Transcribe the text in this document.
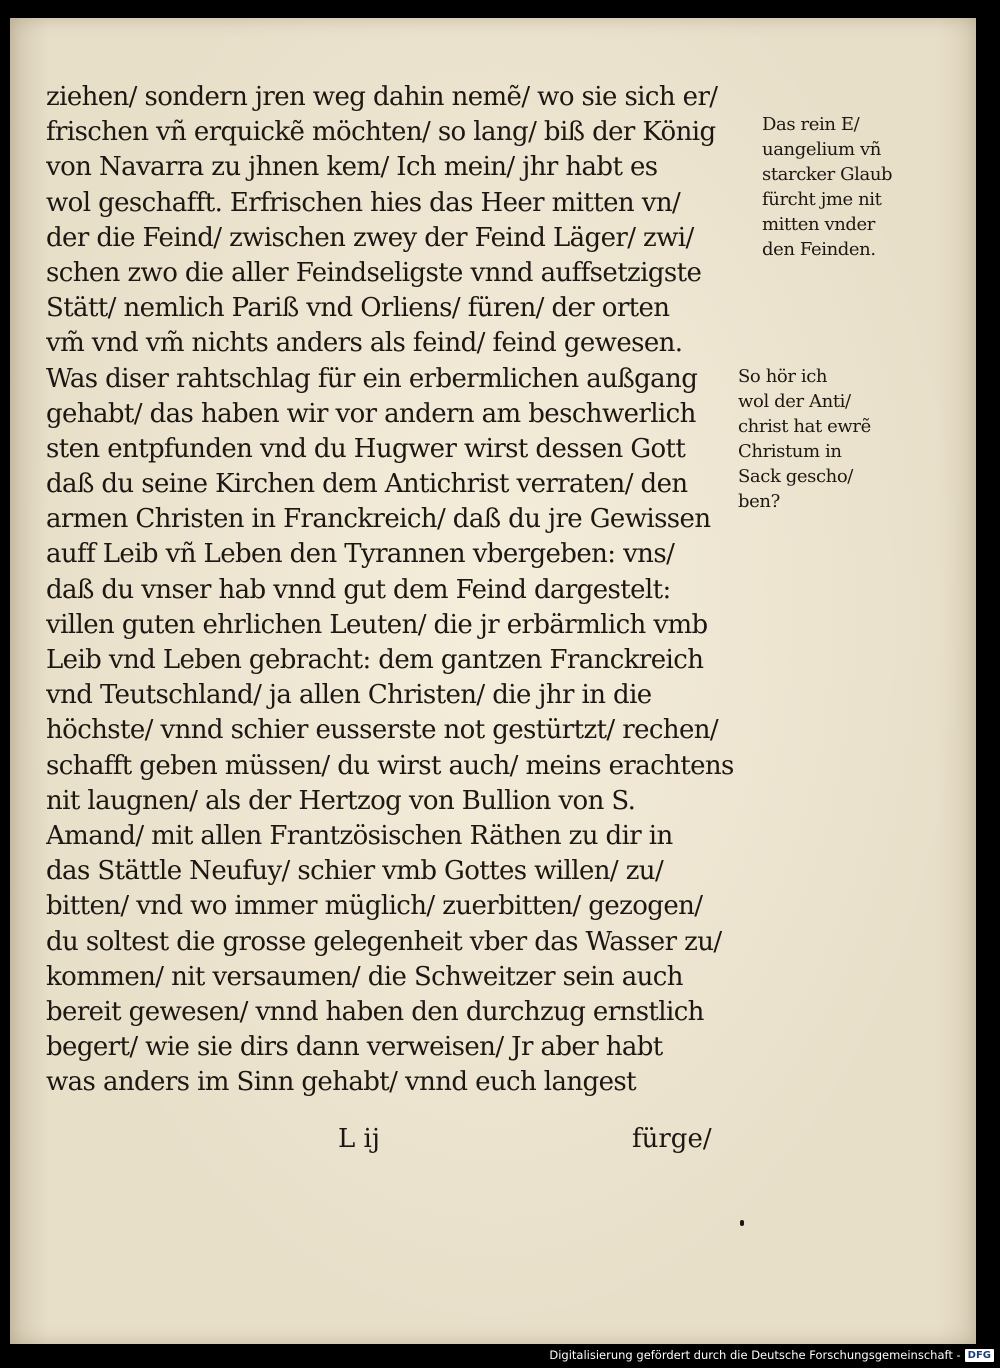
ziehen/ sondern jren weg dahin nemẽ/ wo sie sich er/
frischen vñ erquickẽ möchten/ so lang/ biß der König
von Navarra zu jhnen kem/ Ich mein/ jhr habt es
wol geschafft. Erfrischen hies das Heer mitten vn/
der die Feind/ zwischen zwey der Feind Läger/ zwi/
schen zwo die aller Feindseligste vnnd auffsetzigste
Stätt/ nemlich Pariß vnd Orliens/ füren/ der orten
vm̃ vnd vm̃ nichts anders als feind/ feind gewesen.
Was diser rahtschlag für ein erbermlichen außgang
gehabt/ das haben wir vor andern am beschwerlich
sten entpfunden vnd du Hugwer wirst dessen Gott
daß du seine Kirchen dem Antichrist verraten/ den
armen Christen in Franckreich/ daß du jre Gewissen
auff Leib vñ Leben den Tyrannen vbergeben: vns/
daß du vnser hab vnnd gut dem Feind dargestelt:
villen guten ehrlichen Leuten/ die jr erbärmlich vmb
Leib vnd Leben gebracht: dem gantzen Franckreich
vnd Teutschland/ ja allen Christen/ die jhr in die
höchste/ vnnd schier eusserste not gestürtzt/ rechen/
schafft geben müssen/ du wirst auch/ meins erachtens
nit laugnen/ als der Hertzog von Bullion von S.
Amand/ mit allen Frantzösischen Räthen zu dir in
das Stättle Neufuy/ schier vmb Gottes willen/ zu/
bitten/ vnd wo immer müglich/ zuerbitten/ gezogen/
du soltest die grosse gelegenheit vber das Wasser zu/
kommen/ nit versaumen/ die Schweitzer sein auch
bereit gewesen/ vnnd haben den durchzug ernstlich
begert/ wie sie dirs dann verweisen/ Jr aber habt
was anders im Sinn gehabt/ vnnd euch langest
Das rein E/
uangelium vñ
starcker Glaub
fürcht jme nit
mitten vnder
den Feinden.
So hör ich
wol der Anti/
christ hat ewrẽ
Christum in
Sack gescho/
ben?
L ij	fürge/
Digitalisierung gefördert durch die Deutsche Forschungsgemeinschaft - DFG
